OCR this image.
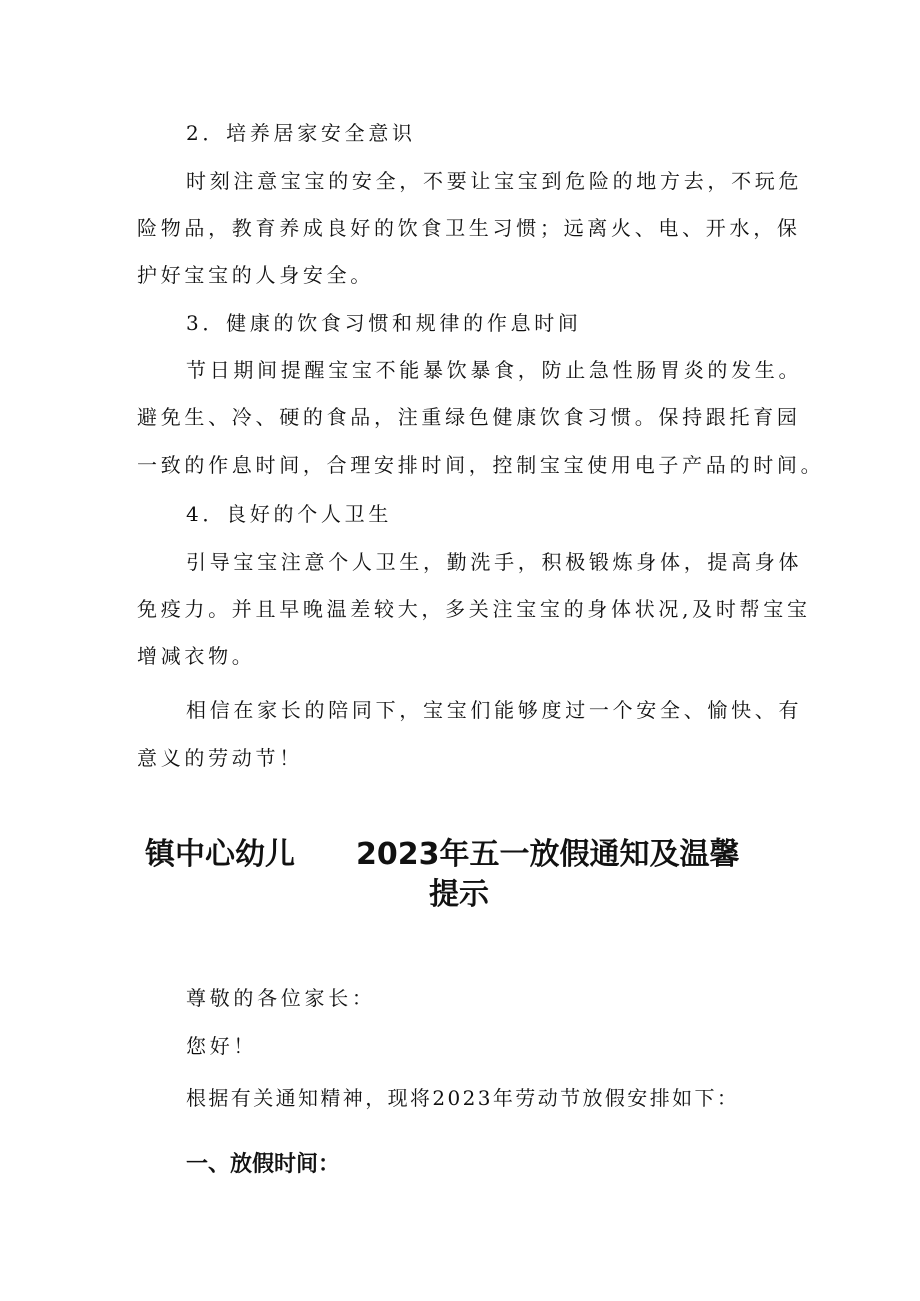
2．培养居家安全意识
时刻注意宝宝的安全，不要让宝宝到危险的地方去，不玩危
险物品，教育养成良好的饮食卫生习惯；远离火、电、开水，保
护好宝宝的人身安全。
3．健康的饮食习惯和规律的作息时间
节日期间提醒宝宝不能暴饮暴食，防止急性肠胃炎的发生。
避免生、冷、硬的食品，注重绿色健康饮食习惯。保持跟托育园
一致的作息时间，合理安排时间，控制宝宝使用电子产品的时间。
4．良好的个人卫生
引导宝宝注意个人卫生，勤洗手，积极锻炼身体，提高身体
免疫力。并且早晚温差较大，多关注宝宝的身体状况,及时帮宝宝
增减衣物。
相信在家长的陪同下，宝宝们能够度过一个安全、愉快、有
意义的劳动节！
镇中心幼儿 2023年五一放假通知及温馨
提示
尊敬的各位家长：
您好！
根据有关通知精神，现将2023年劳动节放假安排如下：
一、放假时间：
